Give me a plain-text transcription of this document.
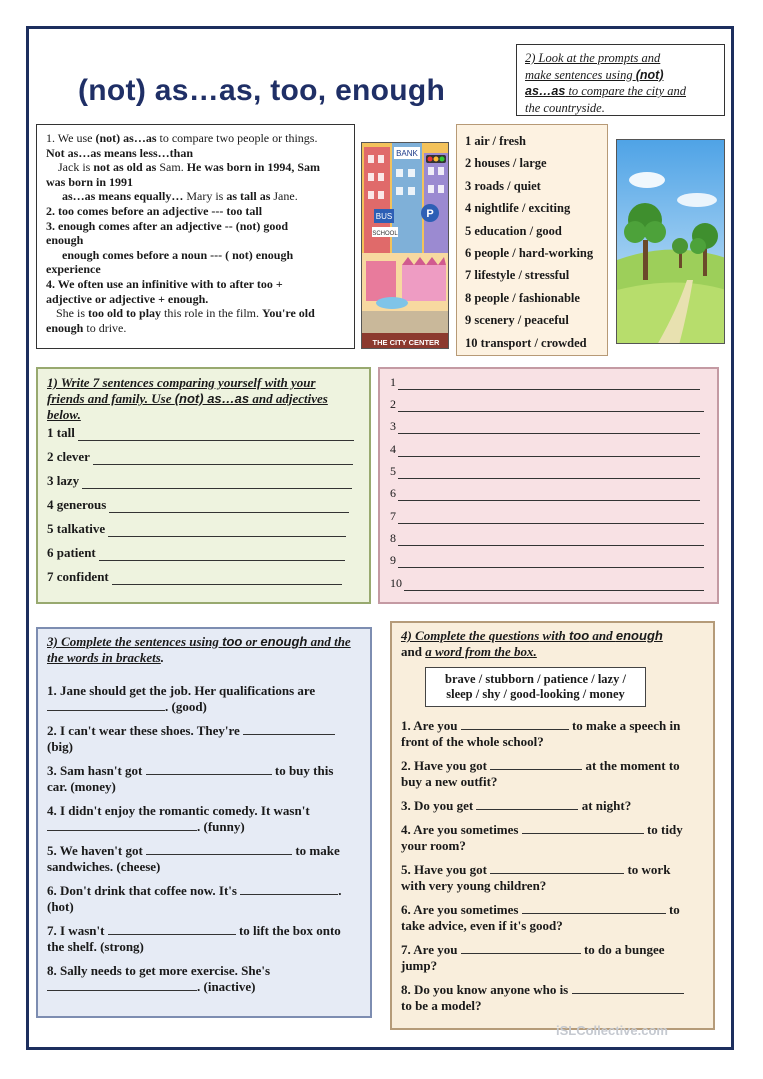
(not) as…as, too, enough
2) Look at the prompts and
make sentences using (not)
as…as to compare the city and
the countryside.

1. We use (not) as…as to compare two people or things.

Not as…as means less…than

Jack is not as old as Sam. He was born in 1994, Sam

was born in 1991

as…as means equally… Mary is as tall as Jane.

2. too comes before an adjective --- too tall

3. enough comes after an adjective -- (not) good

enough

enough comes before a noun --- ( not) enough

experience

4. We often use an infinitive with to after too +

adjective or adjective + enough.

She is too old to play this role in the film. You're old

enough to drive.

BANK
BUS
SCHOOL
P
THE CITY CENTER
1 air / fresh
2 houses / large
3 roads / quiet
4 nightlife / exciting
5 education / good
6 people / hard-working
7 lifestyle / stressful
8 people / fashionable
9 scenery / peaceful
10 transport / crowded
1) Write 7 sentences comparing yourself with your
friends and family. Use (not) as…as and adjectives
below.
1 tall
2 clever
3 lazy
4 generous
5 talkative
6 patient
7 confident
1
2
3
4
5
6
7
8
9
10
3) Complete the sentences using too or enough and the
the words in brackets.
1. Jane should get the job. Her qualifications are
. (good)
2. I can't wear these shoes. They're
(big)
3. Sam hasn't got	to buy this
car. (money)
4. I didn't enjoy the romantic comedy. It wasn't
. (funny)
5. We haven't got	to make
sandwiches. (cheese)
6. Don't drink that coffee now. It's	.
(hot)
7. I wasn't	to lift the box onto
the shelf. (strong)
8. Sally needs to get more exercise. She's
. (inactive)
4) Complete the questions with too and enough
and a word from the box.
1. Are you	to make a speech in
front of the whole school?
2. Have you got	at the moment to
buy a new outfit?
3. Do you get	at night?
4. Are you sometimes	to tidy
your room?
5. Have you got	to work
with very young children?
6. Are you sometimes	to
take advice, even if it's good?
7. Are you	to do a bungee
jump?
8. Do you know anyone who is
to be a model?
brave / stubborn / patience / lazy /
sleep / shy / good-looking / money
iSLCollective.com
